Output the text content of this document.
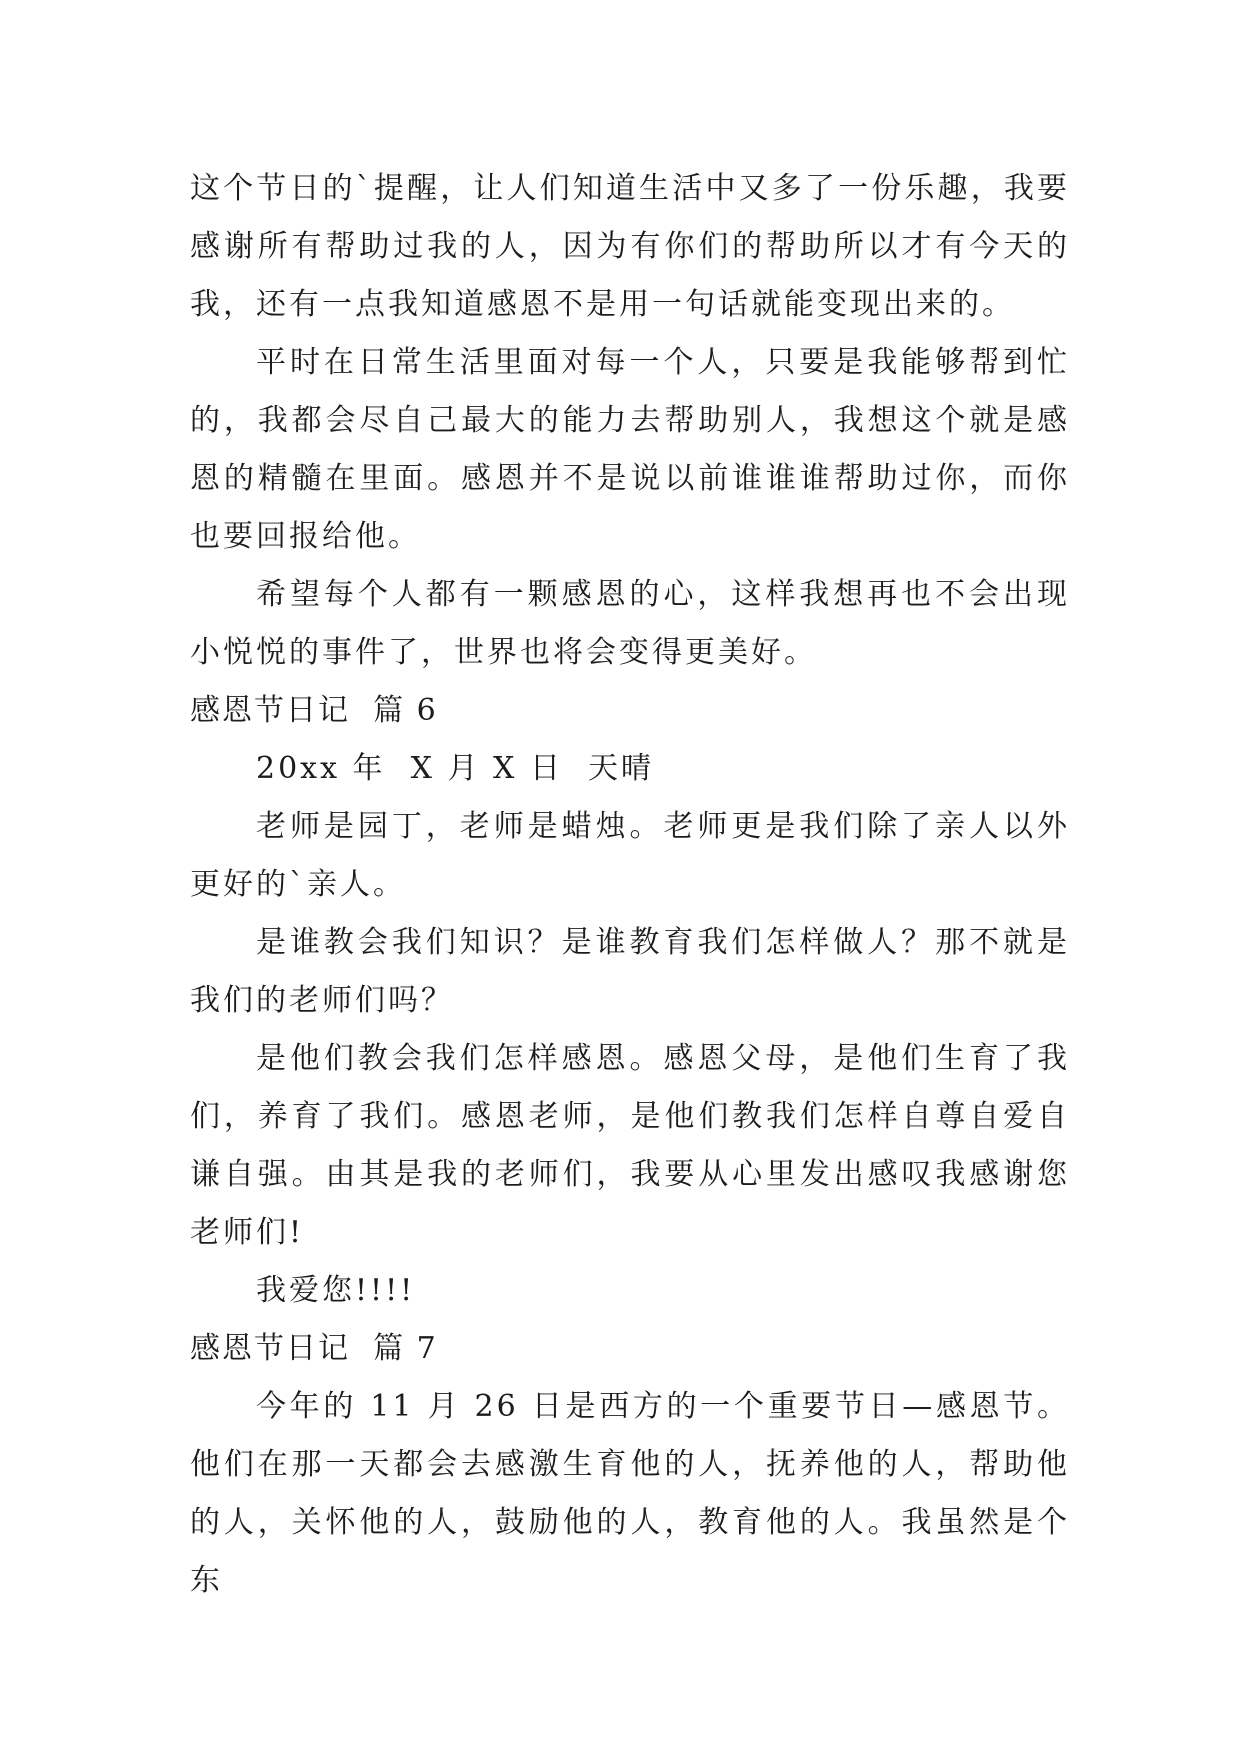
这个节日的`提醒，让人们知道生活中又多了一份乐趣，我要感谢所有帮助过我的人，因为有你们的帮助所以才有今天的我，还有一点我知道感恩不是用一句话就能变现出来的。

平时在日常生活里面对每一个人，只要是我能够帮到忙的，我都会尽自己最大的能力去帮助别人，我想这个就是感恩的精髓在里面。感恩并不是说以前谁谁谁帮助过你，而你也要回报给他。

希望每个人都有一颗感恩的心，这样我想再也不会出现小悦悦的事件了，世界也将会变得更美好。

感恩节日记  篇 6

20xx 年  X 月 X 日  天晴

老师是园丁，老师是蜡烛。老师更是我们除了亲人以外更好的`亲人。

是谁教会我们知识？是谁教育我们怎样做人？那不就是我们的老师们吗？

是他们教会我们怎样感恩。感恩父母，是他们生育了我们，养育了我们。感恩老师，是他们教我们怎样自尊自爱自谦自强。由其是我的老师们，我要从心里发出感叹我感谢您老师们!

我爱您!!!!

感恩节日记  篇 7

今年的 11 月 26 日是西方的一个重要节日—感恩节。他们在那一天都会去感激生育他的人，抚养他的人，帮助他的人，关怀他的人，鼓励他的人，教育他的人。我虽然是个东
